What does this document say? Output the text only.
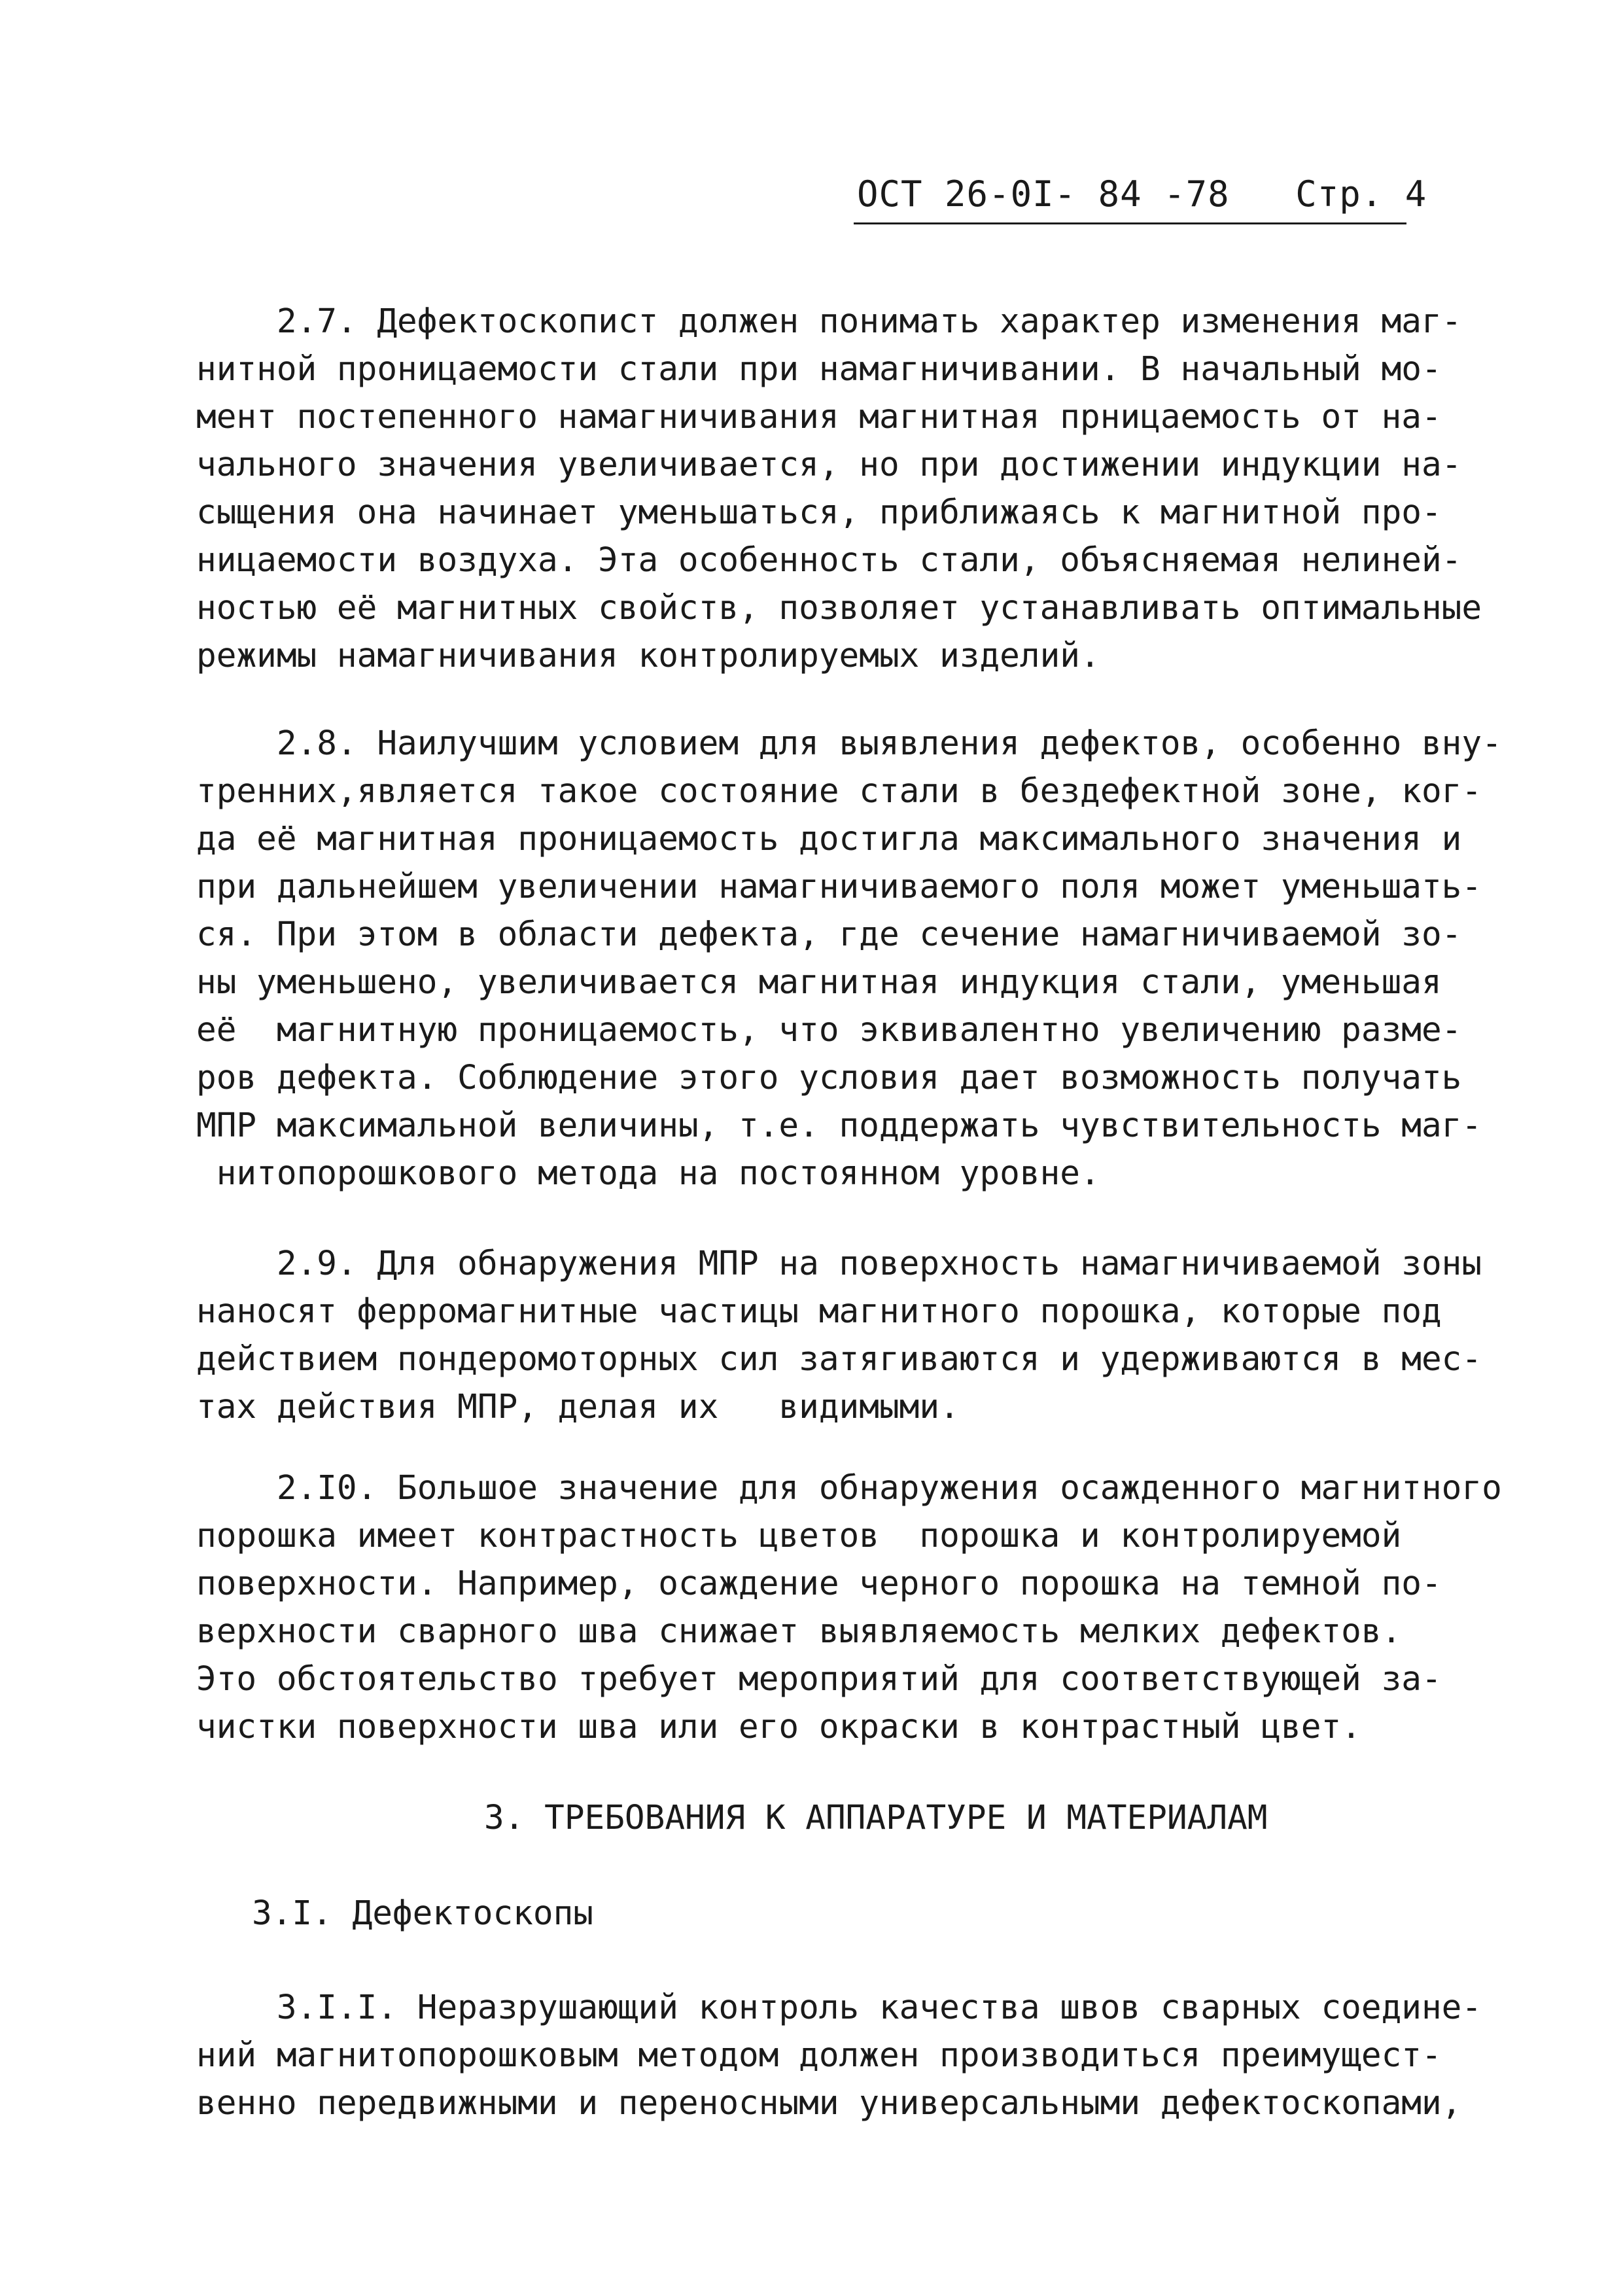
ОСТ 26-0I- 84 -78 Стр. 4
2.7. Дефектоскопист должен понимать характер изменения маг-
нитной проницаемости стали при намагничивании. В начальный мо-
мент постепенного намагничивания магнитная прницаемость от на-
чального значения увеличивается, но при достижении индукции на-
сыщения она начинает уменьшаться, приближаясь к магнитной про-
ницаемости воздуха. Эта особенность стали, объясняемая нелиней-
ностью её магнитных свойств, позволяет устанавливать оптимальные
режимы намагничивания контролируемых изделий.
2.8. Наилучшим условием для выявления дефектов, особенно вну-
тренних,является такое состояние стали в бездефектной зоне, ког-
да её магнитная проницаемость достигла максимального значения и
при дальнейшем увеличении намагничиваемого поля может уменьшать-
ся. При этом в области дефекта, где сечение намагничиваемой зо-
ны уменьшено, увеличивается магнитная индукция стали, уменьшая
её  магнитную проницаемость, что эквивалентно увеличению разме-
ров дефекта. Соблюдение этого условия дает возможность получать
МПР максимальной величины, т.е. поддержать чувствительность маг-
нитопорошкового метода на постоянном уровне.
2.9. Для обнаружения МПР на поверхность намагничиваемой зоны
наносят ферромагнитные частицы магнитного порошка, которые под
действием пондеромоторных сил затягиваются и удерживаются в мес-
тах действия МПР, делая их   видимыми.
2.I0. Большое значение для обнаружения осажденного магнитного
порошка имеет контрастность цветов  порошка и контролируемой
поверхности. Например, осаждение черного порошка на темной по-
верхности сварного шва снижает выявляемость мелких дефектов.
Это обстоятельство требует мероприятий для соответствующей за-
чистки поверхности шва или его окраски в контрастный цвет.
3. ТРЕБОВАНИЯ К АППАРАТУРЕ И МАТЕРИАЛАМ
3.I. Дефектоскопы
3.I.I. Неразрушающий контроль качества швов сварных соедине-
ний магнитопорошковым методом должен производиться преимущест-
венно передвижными и переносными универсальными дефектоскопами,
